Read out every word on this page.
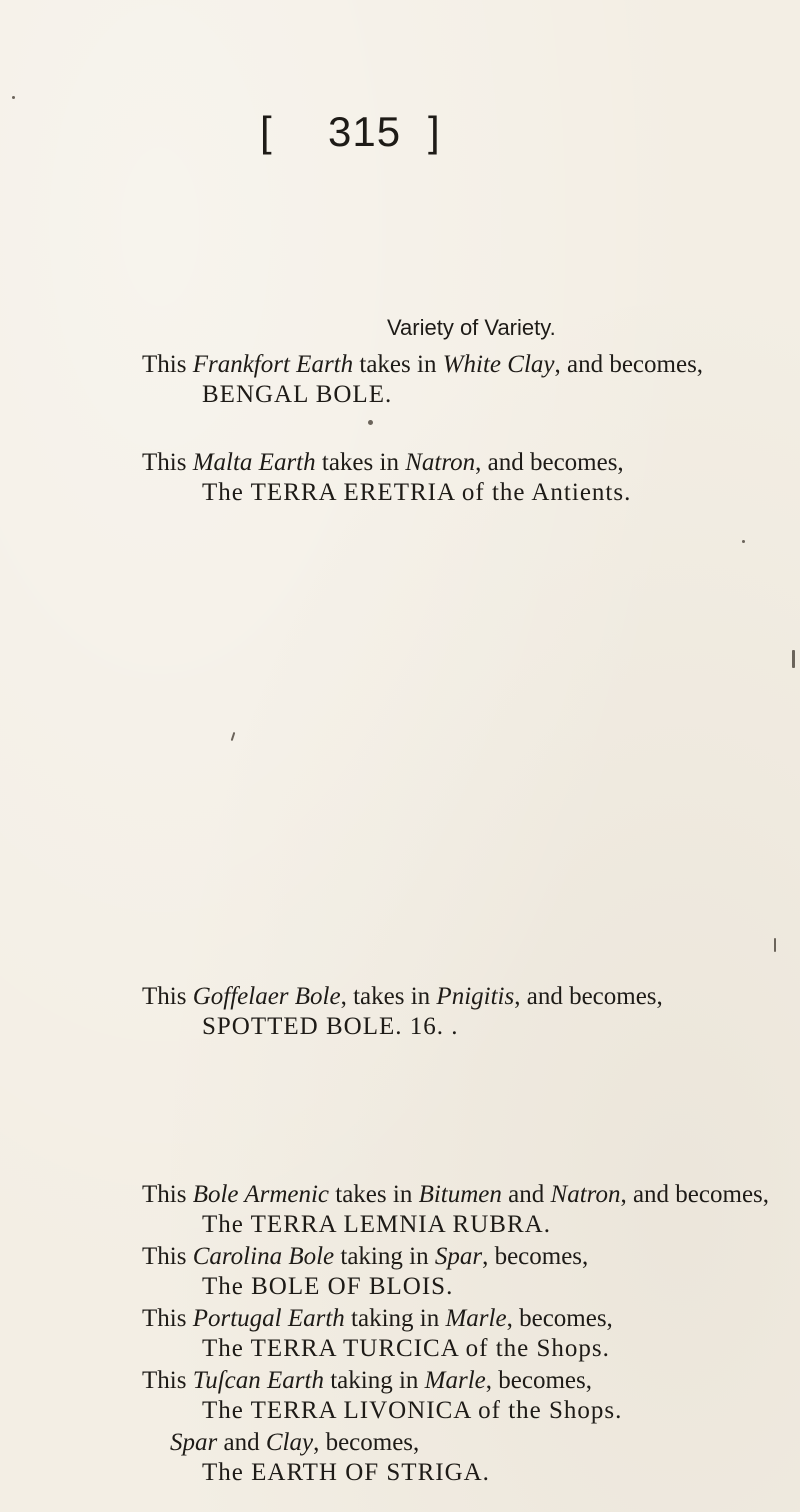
[ 315 ]
Variety of Variety.
This Frankfort Earth takes in White Clay, and becomes,
BENGAL BOLE.
This Malta Earth takes in Natron, and becomes,
The TERRA ERETRIA of the Antients.
This Goffelaer Bole, takes in Pnigitis, and becomes,
SPOTTED BOLE. 16. .
This Bole Armenic takes in Bitumen and Natron, and becomes,
The TERRA LEMNIA RUBRA.
This Carolina Bole taking in Spar, becomes,
The BOLE OF BLOIS.
This Portugal Earth taking in Marle, becomes,
The TERRA TURCICA of the Shops.
This Tuſcan Earth taking in Marle, becomes,
The TERRA LIVONICA of the Shops.
Spar and Clay, becomes,
The EARTH OF STRIGA.
